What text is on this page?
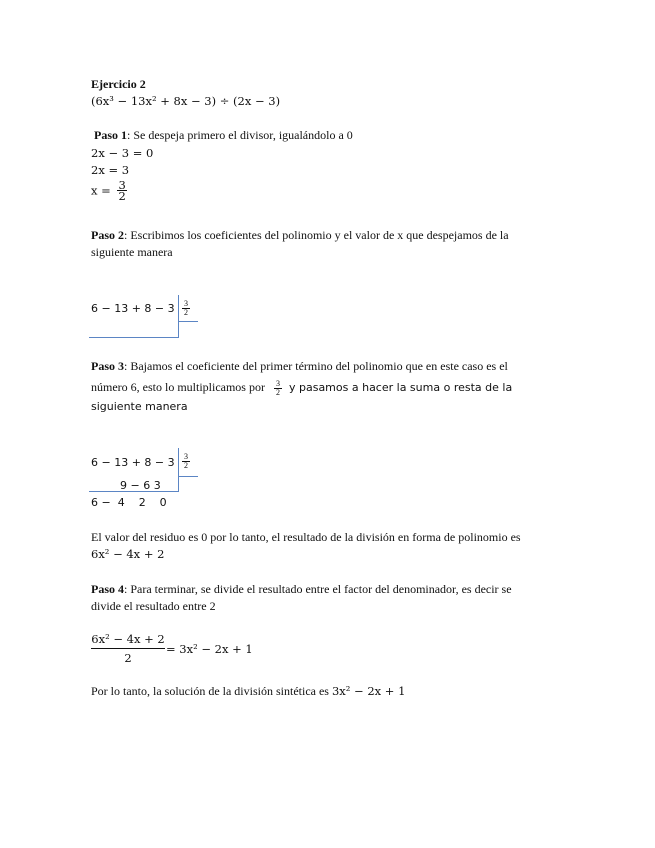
Ejercicio 2
(6x³ − 13x² + 8x − 3) ÷ (2x − 3)
Paso 1: Se despeja primero el divisor, igualándolo a 0
2x − 3 = 0
2x = 3
$x = \frac{3}{2}$
Paso 2: Escribimos los coeficientes del polinomio y el valor de x que despejamos de la
siguiente manera
$6 - 13 + 8 - 3 \frac{3}{2}$
Paso 3: Bajamos el coeficiente del primer término del polinomio que en este caso es el
número 6, esto lo multiplicamos por $\frac{3}{2}$ y pasamos a hacer la suma o resta de la
siguiente manera
$6 - 13 + 8 - 3 \frac{3}{2}$
9 − 6 3
6 −  4    2    0
El valor del residuo es 0 por lo tanto, el resultado de la división en forma de polinomio es
6x² − 4x + 2
Paso 4: Para terminar, se divide el resultado entre el factor del denominador, es decir se
divide el resultado entre 2
6x² − 4x + 2
2
= 3x² − 2x + 1
Por lo tanto, la solución de la división sintética es 3x² − 2x + 1
